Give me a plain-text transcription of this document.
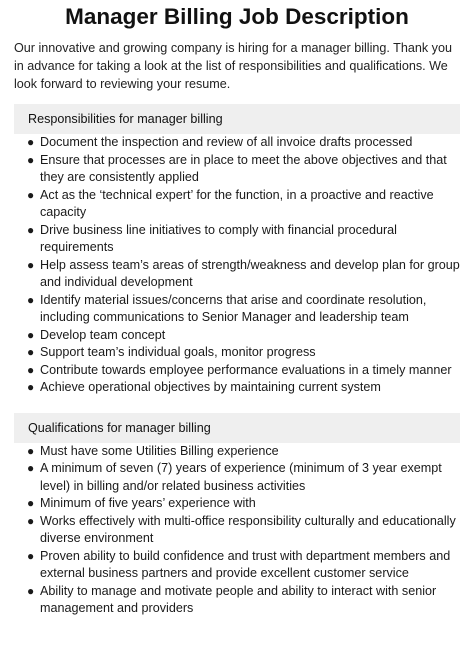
Manager Billing Job Description

Our innovative and growing company is hiring for a manager billing. Thank you in advance for taking a look at the list of responsibilities and qualifications. We look forward to reviewing your resume.

Responsibilities for manager billing
● Document the inspection and review of all invoice drafts processed
● Ensure that processes are in place to meet the above objectives and that they are consistently applied
● Act as the ‘technical expert’ for the function, in a proactive and reactive capacity
● Drive business line initiatives to comply with financial procedural requirements
● Help assess team’s areas of strength/weakness and develop plan for group and individual development
● Identify material issues/concerns that arise and coordinate resolution, including communications to Senior Manager and leadership team
● Develop team concept
● Support team’s individual goals, monitor progress
● Contribute towards employee performance evaluations in a timely manner
● Achieve operational objectives by maintaining current system
Qualifications for manager billing
● Must have some Utilities Billing experience
● A minimum of seven (7) years of experience (minimum of 3 year exempt level) in billing and/or related business activities
● Minimum of five years’ experience with
● Works effectively with multi-office responsibility culturally and educationally diverse environment
● Proven ability to build confidence and trust with department members and external business partners and provide excellent customer service
● Ability to manage and motivate people and ability to interact with senior management and providers
